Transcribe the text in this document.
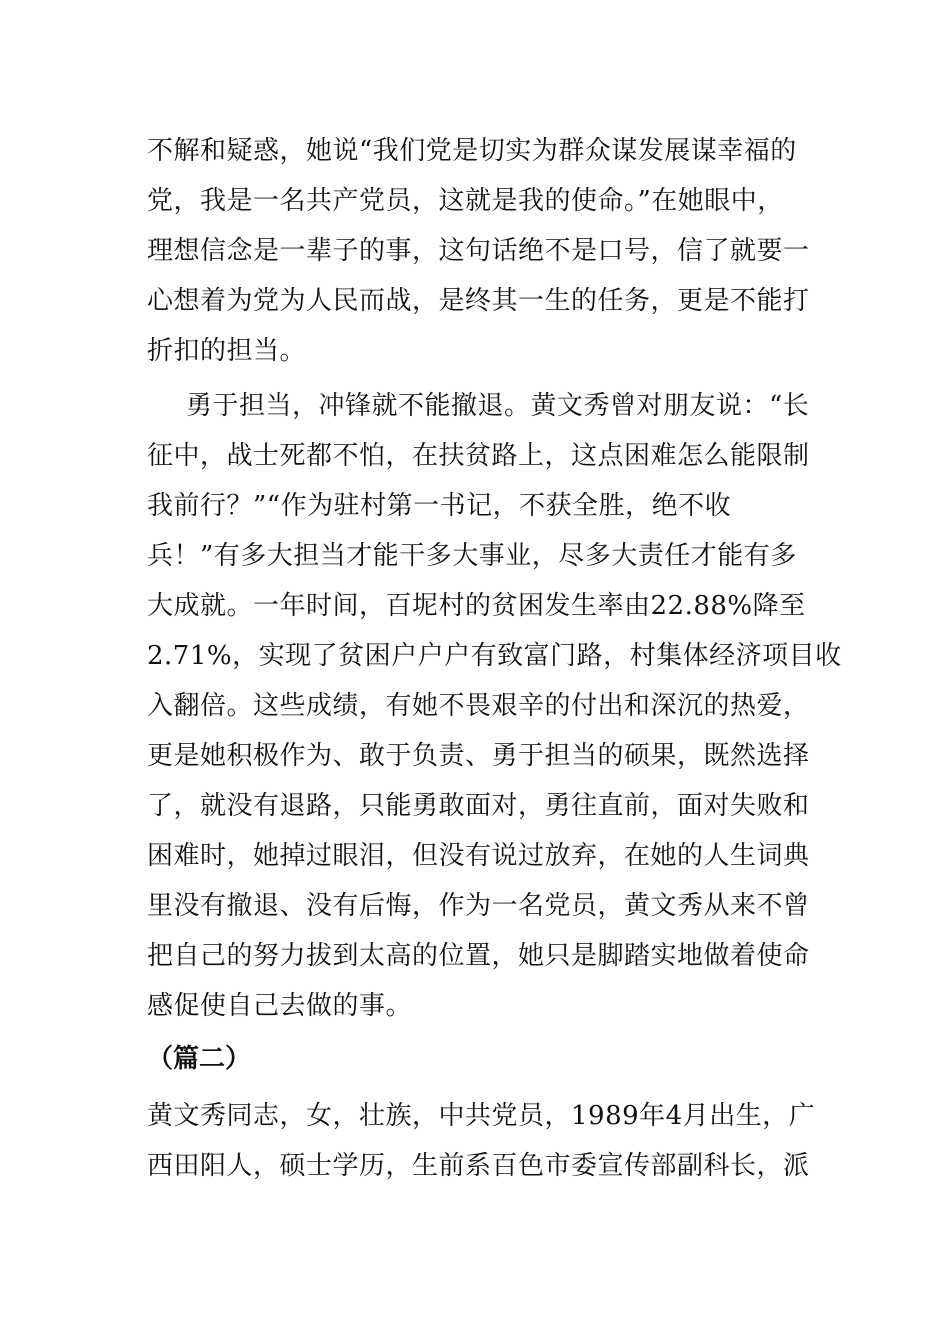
不解和疑惑，她说“我们党是切实为群众谋发展谋幸福的
党，我是一名共产党员，这就是我的使命。”在她眼中，
理想信念是一辈子的事，这句话绝不是口号，信了就要一
心想着为党为人民而战，是终其一生的任务，更是不能打
折扣的担当。
勇于担当，冲锋就不能撤退。黄文秀曾对朋友说：“长
征中，战士死都不怕，在扶贫路上，这点困难怎么能限制
我前行？”“作为驻村第一书记，不获全胜，绝不收
兵！”有多大担当才能干多大事业，尽多大责任才能有多
大成就。一年时间，百坭村的贫困发生率由22.88%降至
2.71%，实现了贫困户户户有致富门路，村集体经济项目收
入翻倍。这些成绩，有她不畏艰辛的付出和深沉的热爱，
更是她积极作为、敢于负责、勇于担当的硕果，既然选择
了，就没有退路，只能勇敢面对，勇往直前，面对失败和
困难时，她掉过眼泪，但没有说过放弃，在她的人生词典
里没有撤退、没有后悔，作为一名党员，黄文秀从来不曾
把自己的努力拔到太高的位置，她只是脚踏实地做着使命
感促使自己去做的事。
（篇二）
黄文秀同志，女，壮族，中共党员，1989年4月出生，广
西田阳人，硕士学历，生前系百色市委宣传部副科长，派
